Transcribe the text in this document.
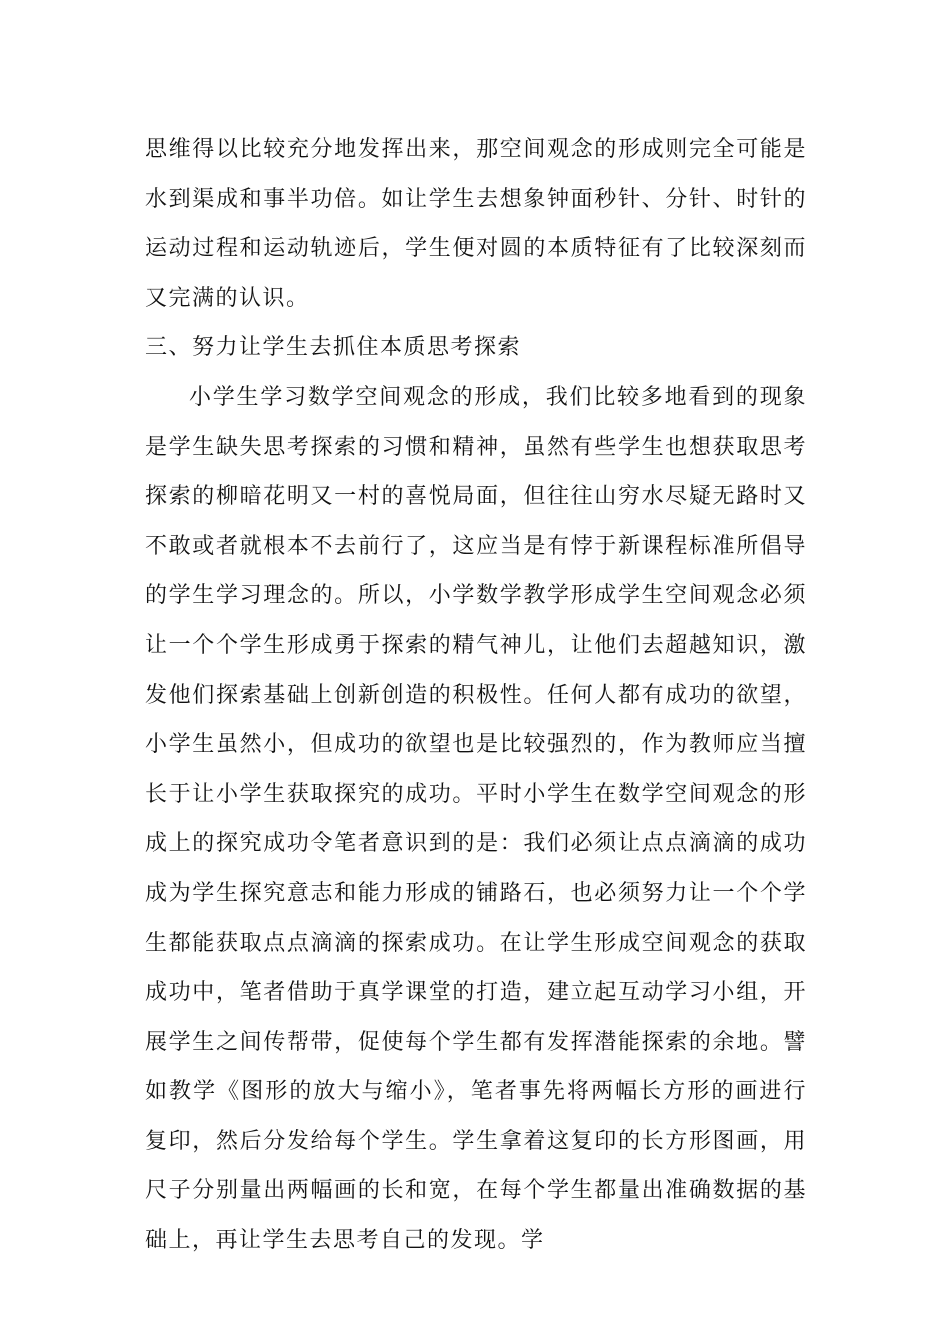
思维得以比较充分地发挥出来，那空间观念的形成则完全可能是水到渠成和事半功倍。如让学生去想象钟面秒针、分针、时针的运动过程和运动轨迹后，学生便对圆的本质特征有了比较深刻而又完满的认识。

三、努力让学生去抓住本质思考探索

小学生学习数学空间观念的形成，我们比较多地看到的现象是学生缺失思考探索的习惯和精神，虽然有些学生也想获取思考探索的柳暗花明又一村的喜悦局面，但往往山穷水尽疑无路时又不敢或者就根本不去前行了，这应当是有悖于新课程标准所倡导的学生学习理念的。所以，小学数学教学形成学生空间观念必须让一个个学生形成勇于探索的精气神儿，让他们去超越知识，激发他们探索基础上创新创造的积极性。任何人都有成功的欲望，小学生虽然小，但成功的欲望也是比较强烈的，作为教师应当擅长于让小学生获取探究的成功。平时小学生在数学空间观念的形成上的探究成功令笔者意识到的是：我们必须让点点滴滴的成功成为学生探究意志和能力形成的铺路石，也必须努力让一个个学生都能获取点点滴滴的探索成功。在让学生形成空间观念的获取成功中，笔者借助于真学课堂的打造，建立起互动学习小组，开展学生之间传帮带，促使每个学生都有发挥潜能探索的余地。譬如教学《图形的放大与缩小》，笔者事先将两幅长方形的画进行复印，然后分发给每个学生。学生拿着这复印的长方形图画，用尺子分别量出两幅画的长和宽，在每个学生都量出准确数据的基础上，再让学生去思考自己的发现。学
